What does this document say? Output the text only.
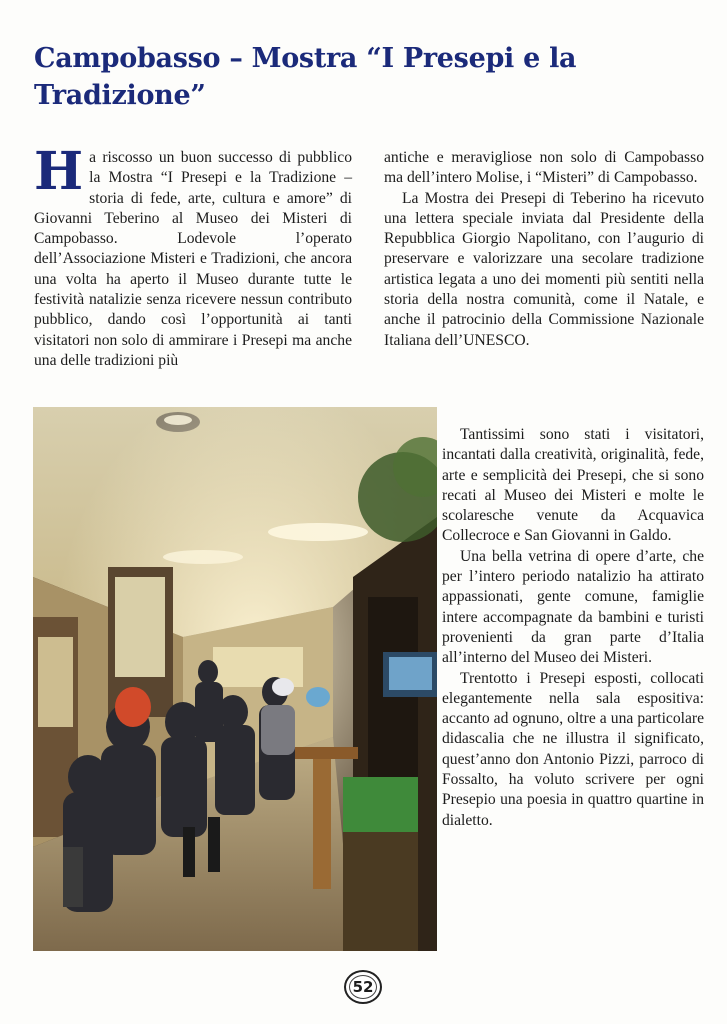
Campobasso – Mostra “I Presepi e la Tradizione”

Ha riscosso un buon successo di pubblico la Mostra “I Presepi e la Tradizione – storia di fede, arte, cultura e amore” di Giovanni Teberino al Museo dei Misteri di Campobasso. Lodevole l’operato dell’Associazione Misteri e Tradizioni, che ancora una volta ha aperto il Museo durante tutte le festività natalizie senza ricevere nessun contributo pubblico, dando così l’opportunità ai tanti visitatori non solo di ammirare i Presepi ma anche una delle tradizioni più

antiche e meravigliose non solo di Campobasso ma dell’intero Molise, i “Misteri” di Campobasso.

La Mostra dei Presepi di Teberino ha ricevuto una lettera speciale inviata dal Presidente della Repubblica Giorgio Napolitano, con l’augurio di preservare e valorizzare una secolare tradizione artistica legata a uno dei momenti più sentiti nella storia della nostra comunità, come il Natale, e anche il patrocinio della Commissione Nazionale Italiana dell’UNESCO.

Tantissimi sono stati i visitatori, incantati dalla creatività, originalità, fede, arte e semplicità dei Presepi, che si sono recati al Museo dei Misteri e molte le scolaresche venute da Acquavica Collecroce e San Giovanni in Galdo.

Una bella vetrina di opere d’arte, che per l’intero periodo natalizio ha attirato appassionati, gente comune, famiglie intere accompagnate da bambini e turisti provenienti da gran parte d’Italia all’interno del Museo dei Misteri.

Trentotto i Presepi esposti, collocati elegantemente nella sala espositiva: accanto ad ognuno, oltre a una particolare didascalia che ne illustra il significato, quest’anno don Antonio Pizzi, parroco di Fossalto, ha voluto scrivere per ogni Presepio una poesia in quattro quartine in dialetto.

52
